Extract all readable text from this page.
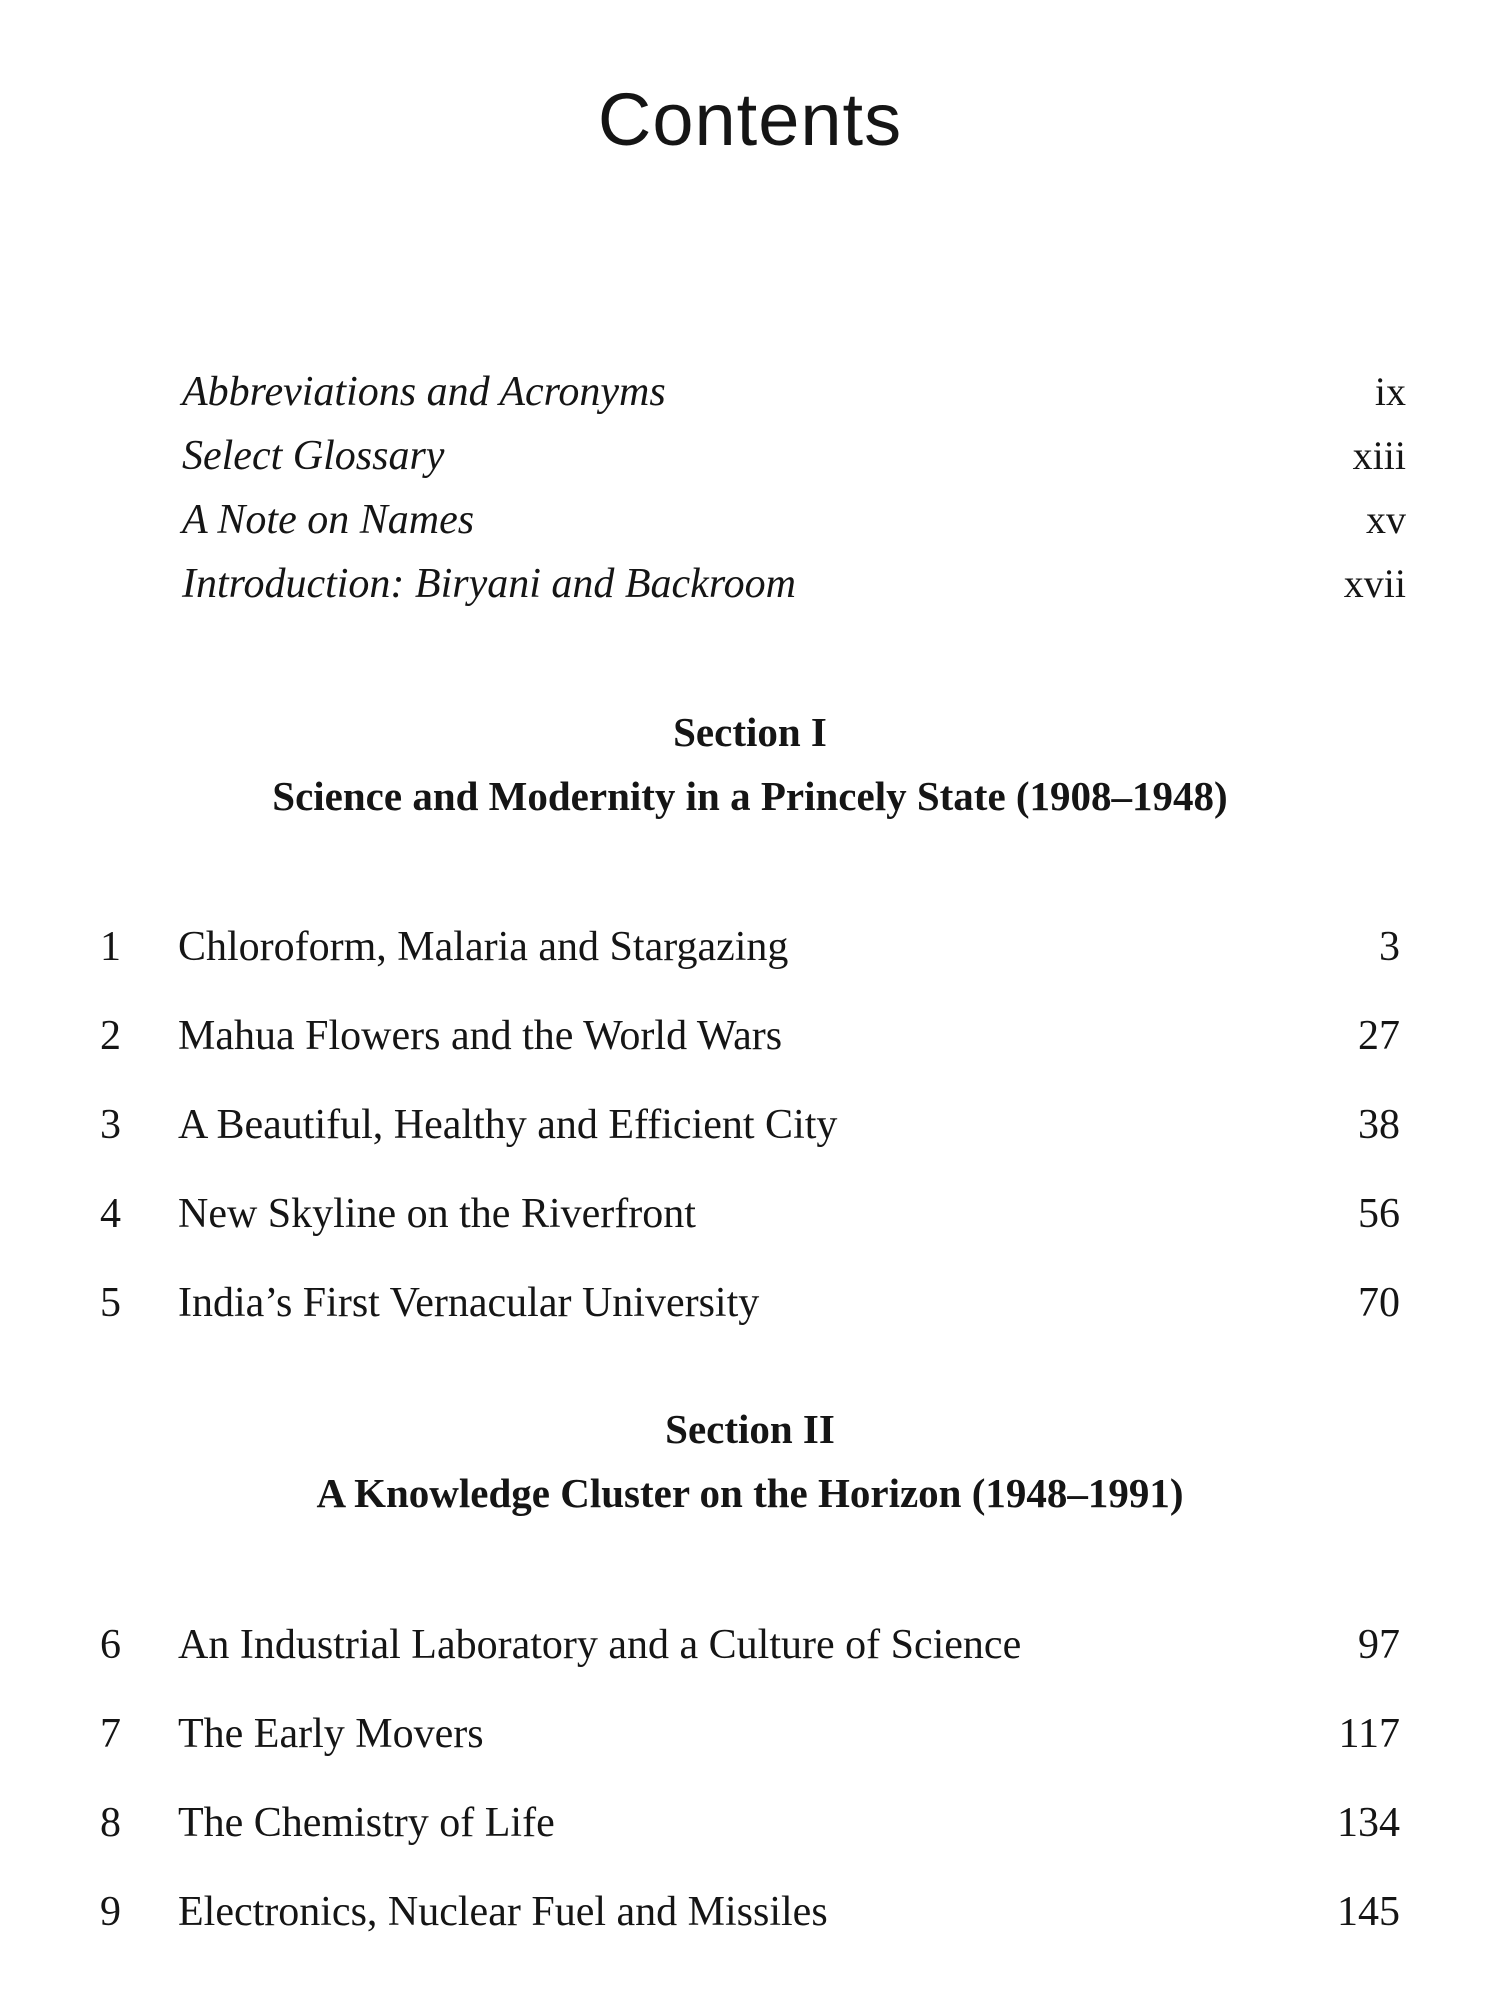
Contents
Abbreviations and Acronyms	ix
Select Glossary	xiii
A Note on Names	xv
Introduction: Biryani and Backroom	xvii
Section I
Science and Modernity in a Princely State (1908–1948)
1	Chloroform, Malaria and Stargazing	3
2	Mahua Flowers and the World Wars	27
3	A Beautiful, Healthy and Efficient City	38
4	New Skyline on the Riverfront	56
5	India’s First Vernacular University	70
Section II
A Knowledge Cluster on the Horizon (1948–1991)
6	An Industrial Laboratory and a Culture of Science	97
7	The Early Movers	117
8	The Chemistry of Life	134
9	Electronics, Nuclear Fuel and Missiles	145
